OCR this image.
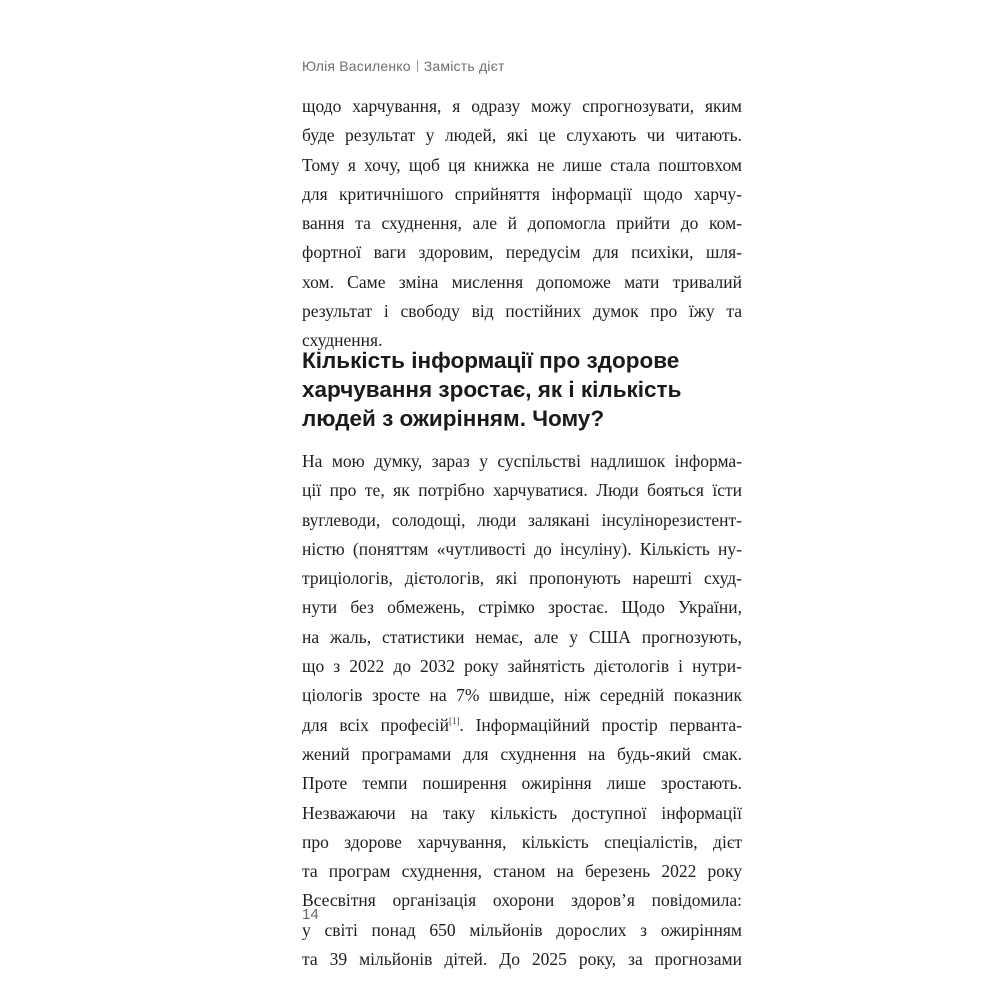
Юлія Василенко Замість дієт
щодо харчування, я одразу можу спрогнозувати, яким
буде результат у людей, які це слухають чи читають.
Тому я хочу, щоб ця книжка не лише стала поштовхом
для критичнішого сприйняття інформації щодо харчу-
вання та схуднення, але й допомогла прийти до ком-
фортної ваги здоровим, передусім для психіки, шля-
хом. Саме зміна мислення допоможе мати тривалий
результат і свободу від постійних думок про їжу та
схуднення.
Кількість інформації про здорове
харчування зростає, як і кількість
людей з ожирінням. Чому?
На мою думку, зараз у суспільстві надлишок інформа-
ції про те, як потрібно харчуватися. Люди бояться їсти
вуглеводи, солодощі, люди залякані інсулінорезистент-
ністю (поняттям «чутливості до інсуліну). Кількість ну-
триціологів, дієтологів, які пропонують нарешті схуд-
нути без обмежень, стрімко зростає. Щодо України,
на жаль, статистики немає, але у США прогнозують,
що з 2022 до 2032 року зайнятість дієтологів і нутри-
ціологів зросте на 7% швидше, ніж середній показник
для всіх професій[1]. Інформаційний простір перванта-
жений програмами для схуднення на будь-який смак.
Проте темпи поширення ожиріння лише зростають.
Незважаючи на таку кількість доступної інформації
про здорове харчування, кількість спеціалістів, дієт
та програм схуднення, станом на березень 2022 року
Всесвітня організація охорони здоров’я повідомила:
у світі понад 650 мільйонів дорослих з ожирінням
та 39 мільйонів дітей. До 2025 року, за прогнозами
14
